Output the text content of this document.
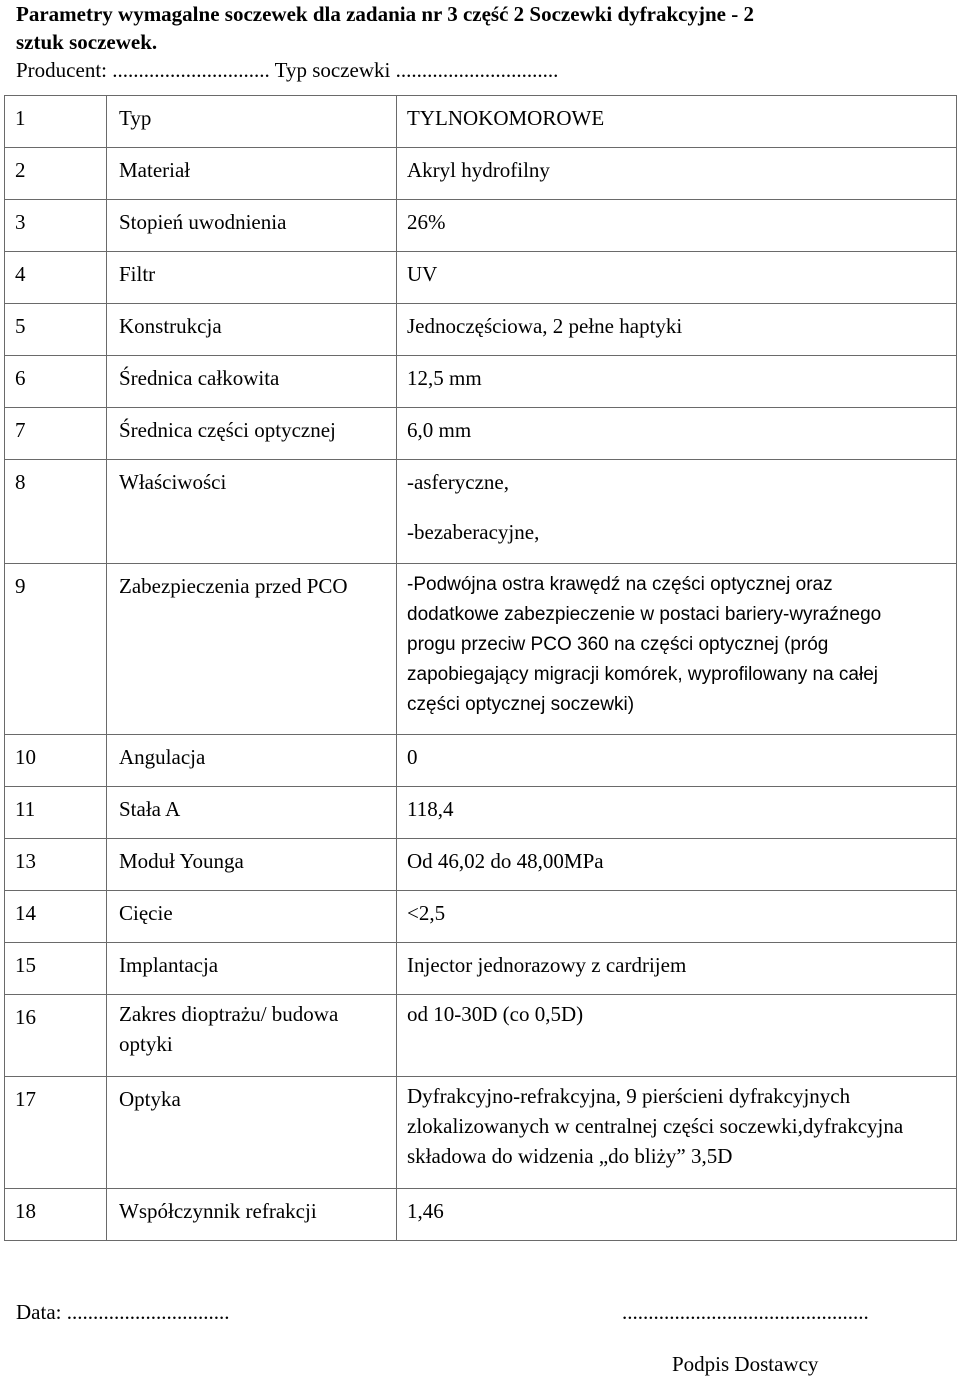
Parametry wymagalne soczewek dla zadania nr 3 część 2 Soczewki dyfrakcyjne - 2
sztuk soczewek.
Producent: .............................. Typ soczewki ...............................
1	Typ	TYLNOKOMOROWE

2	Materiał	Akryl hydrofilny

3	Stopień uwodnienia	26%

4	Filtr	UV

5	Konstrukcja	Jednoczęściowa, 2 pełne haptyki

6	Średnica całkowita	12,5 mm

7	Średnica części optycznej	6,0 mm

8	Właściwości	-asferyczne,
-bezaberacyjne,

9	Zabezpieczenia przed PCO	-Podwójna ostra krawędź na części optycznej oraz
dodatkowe zabezpieczenie w postaci bariery-wyraźnego
progu przeciw PCO 360 na części optycznej (próg
zapobiegający migracji komórek, wyprofilowany na całej
części optycznej soczewki)

10	Angulacja	0

11	Stała A	118,4

13	Moduł Younga	Od 46,02 do 48,00MPa

14	Cięcie	<2,5

15	Implantacja	Injector jednorazowy z cardrijem

16	Zakres dioptrażu/ budowa
optyki	od 10-30D (co 0,5D)

17	Optyka	Dyfrakcyjno-refrakcyjna, 9 pierścieni dyfrakcyjnych
zlokalizowanych w centralnej części soczewki,dyfrakcyjna
składowa do widzenia „do bliży” 3,5D

18	Współczynnik refrakcji	1,46
Data: ...............................	...............................................
Podpis Dostawcy
